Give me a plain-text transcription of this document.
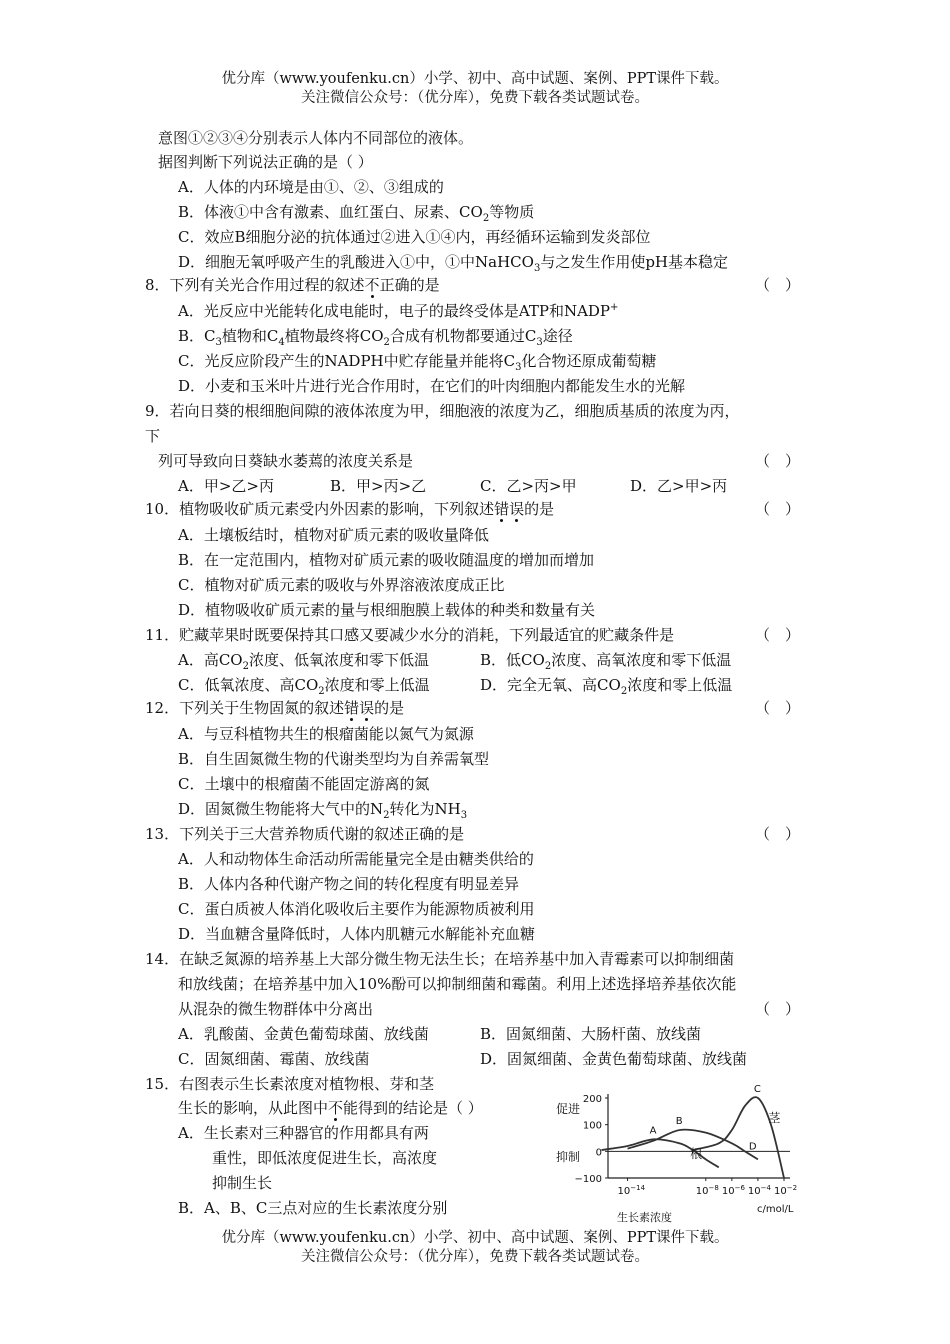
优分库（www.youfenku.cn）小学、初中、高中试题、案例、PPT课件下载。
关注微信公众号：（优分库），免费下载各类试题试卷。
意图①②③④分别表示人体内不同部位的液体。
据图判断下列说法正确的是（ ）
A．人体的内环境是由①、②、③组成的
B．体液①中含有激素、血红蛋白、尿素、$CO_2$等物质
C．效应B细胞分泌的抗体通过②进入①④内，再经循环运输到发炎部位
D．细胞无氧呼吸产生的乳酸进入①中，①中NaHCO$_3$与之发生作用使pH基本稳定
8．下列有关光合作用过程的叙述不正确的是	（　）
A．光反应中光能转化成电能时，电子的最终受体是ATP和NADP+
B．$C_3$植物和$C_4$植物最终将$CO_2$合成有机物都要通过$C_3$途径
C．光反应阶段产生的NADPH中贮存能量并能将$C_3$化合物还原成葡萄糖
D．小麦和玉米叶片进行光合作用时，在它们的叶肉细胞内都能发生水的光解
9．若向日葵的根细胞间隙的液体浓度为甲，细胞液的浓度为乙，细胞质基质的浓度为丙，
下
列可导致向日葵缺水萎蔫的浓度关系是	（　）
A．甲>乙>丙	B．甲>丙>乙	C．乙>丙>甲	D．乙>甲>丙
10．植物吸收矿质元素受内外因素的影响，下列叙述错误的是	（　）
A．土壤板结时，植物对矿质元素的吸收量降低
B．在一定范围内，植物对矿质元素的吸收随温度的增加而增加
C．植物对矿质元素的吸收与外界溶液浓度成正比
D．植物吸收矿质元素的量与根细胞膜上载体的种类和数量有关
11．贮藏苹果时既要保持其口感又要减少水分的消耗，下列最适宜的贮藏条件是	（　）
A．高$CO_2$浓度、低氧浓度和零下低温	B．低$CO_2$浓度、高氧浓度和零下低温
C．低氧浓度、高$CO_2$浓度和零上低温	D．完全无氧、高$CO_2$浓度和零上低温
12．下列关于生物固氮的叙述错误的是	（　）
A．与豆科植物共生的根瘤菌能以氮气为氮源
B．自生固氮微生物的代谢类型均为自养需氧型
C．土壤中的根瘤菌不能固定游离的氮
D．固氮微生物能将大气中的$N_2$转化为$NH_3$
13．下列关于三大营养物质代谢的叙述正确的是	（　）
A．人和动物体生命活动所需能量完全是由糖类供给的
B．人体内各种代谢产物之间的转化程度有明显差异
C．蛋白质被人体消化吸收后主要作为能源物质被利用
D．当血糖含量降低时，人体内肌糖元水解能补充血糖
14．在缺乏氮源的培养基上大部分微生物无法生长；在培养基中加入青霉素可以抑制细菌
和放线菌；在培养基中加入10%酚可以抑制细菌和霉菌。利用上述选择培养基依次能
从混杂的微生物群体中分离出	（　）
A．乳酸菌、金黄色葡萄球菌、放线菌	B．固氮细菌、大肠杆菌、放线菌
C．固氮细菌、霉菌、放线菌	D．固氮细菌、金黄色葡萄球菌、放线菌
15．右图表示生长素浓度对植物根、芽和茎
生长的影响，从此图中不能得到的结论是（ ）
A．生长素对三种器官的作用都具有两
重性，即低浓度促进生长，高浓度
抑制生长
B．A、B、C三点对应的生长素浓度分别
促进
抑制
生长素浓度
c/mol/L
200
100
0
−100
$10^{-14}$	$10^{-8}$ $10^{-6}$ $10^{-4}$ $10^{-2}$
根
茎
A
B
C
D
优分库（www.youfenku.cn）小学、初中、高中试题、案例、PPT课件下载。
关注微信公众号：（优分库），免费下载各类试题试卷。
